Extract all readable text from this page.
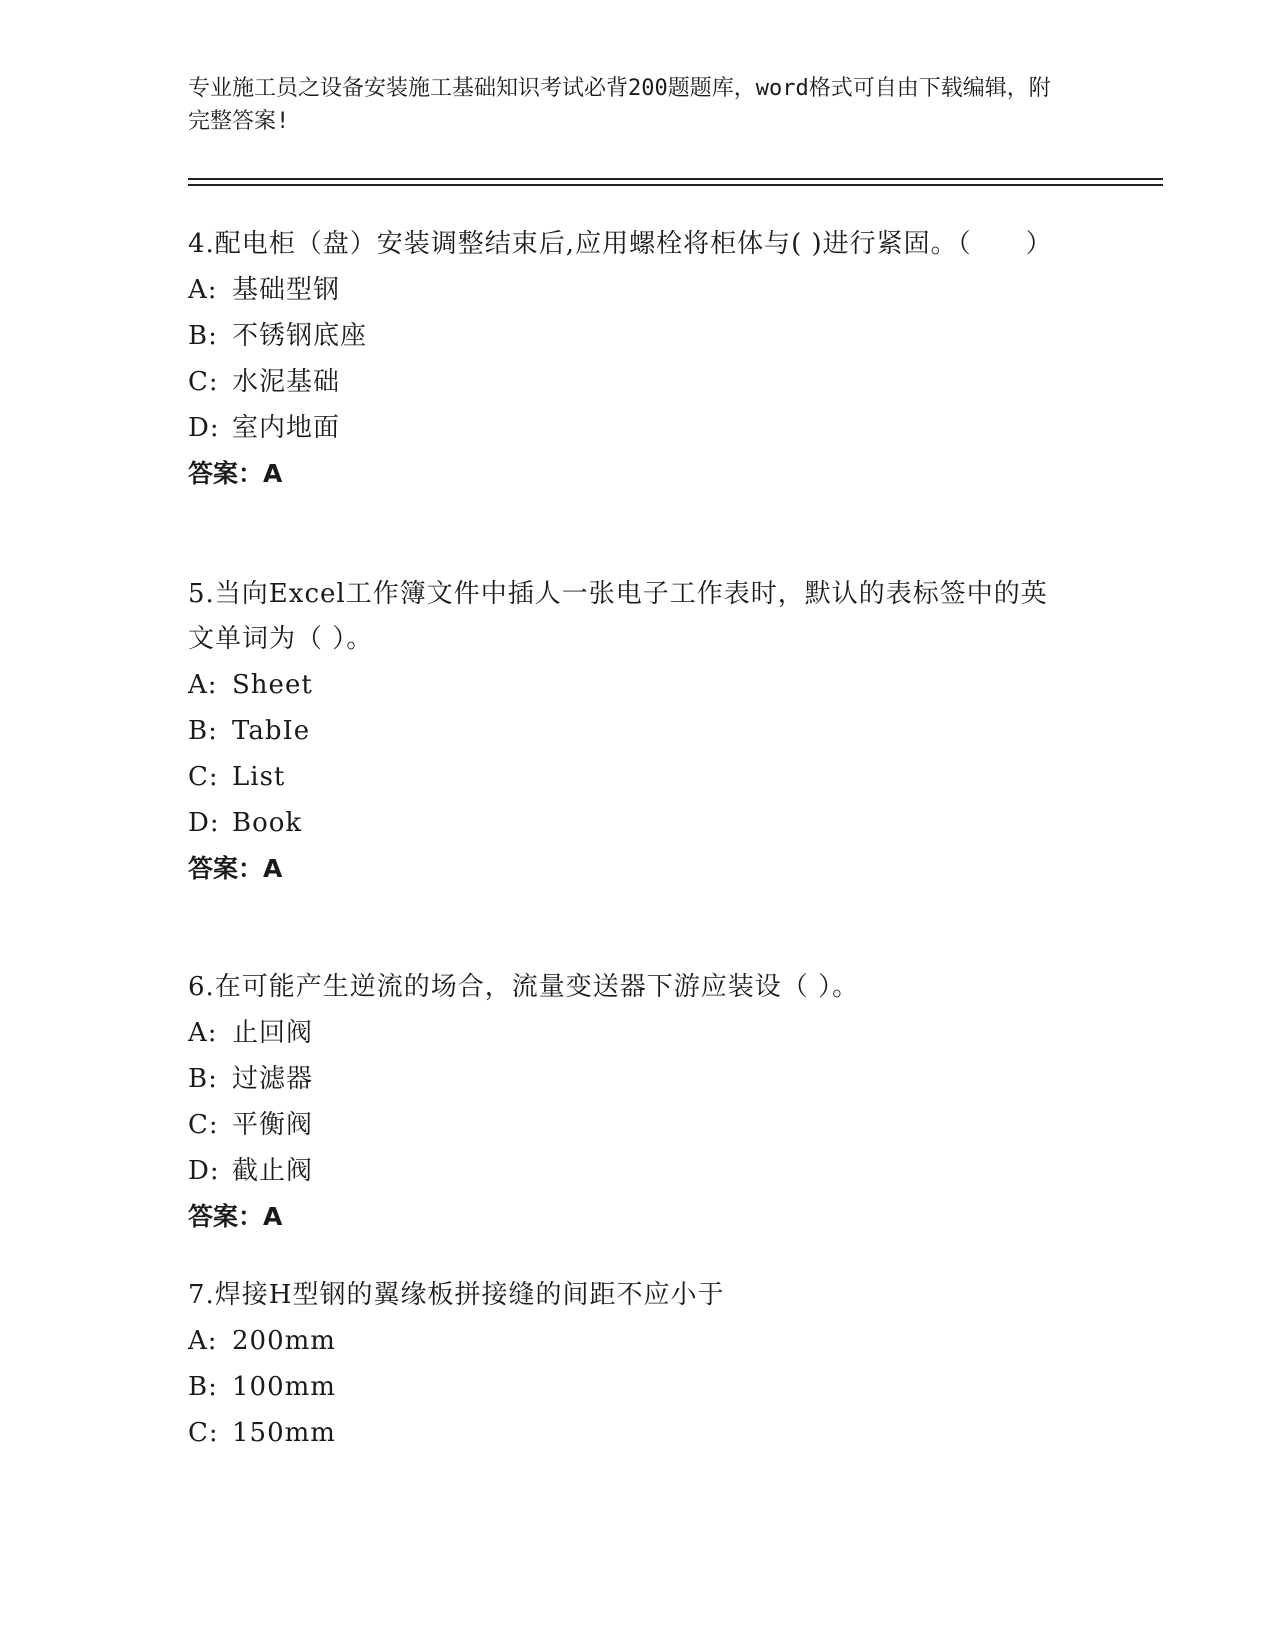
专业施工员之设备安装施工基础知识考试必背200题题库，word格式可自由下载编辑，附完整答案!
4.配电柜（盘）安装调整结束后,应用螺栓将柜体与( )进行紧固。（　　）
A: 基础型钢
B: 不锈钢底座
C: 水泥基础
D: 室内地面
答案：A
5.当向Excel工作簿文件中插人一张电子工作表时，默认的表标签中的英文单词为（ ）。
A: Sheet
B: TabIe
C: List
D: Book
答案：A
6.在可能产生逆流的场合，流量变送器下游应装设（ ）。
A: 止回阀
B: 过滤器
C: 平衡阀
D: 截止阀
答案：A
7.焊接H型钢的翼缘板拼接缝的间距不应小于
A: 200mm
B: 100mm
C: 150mm
